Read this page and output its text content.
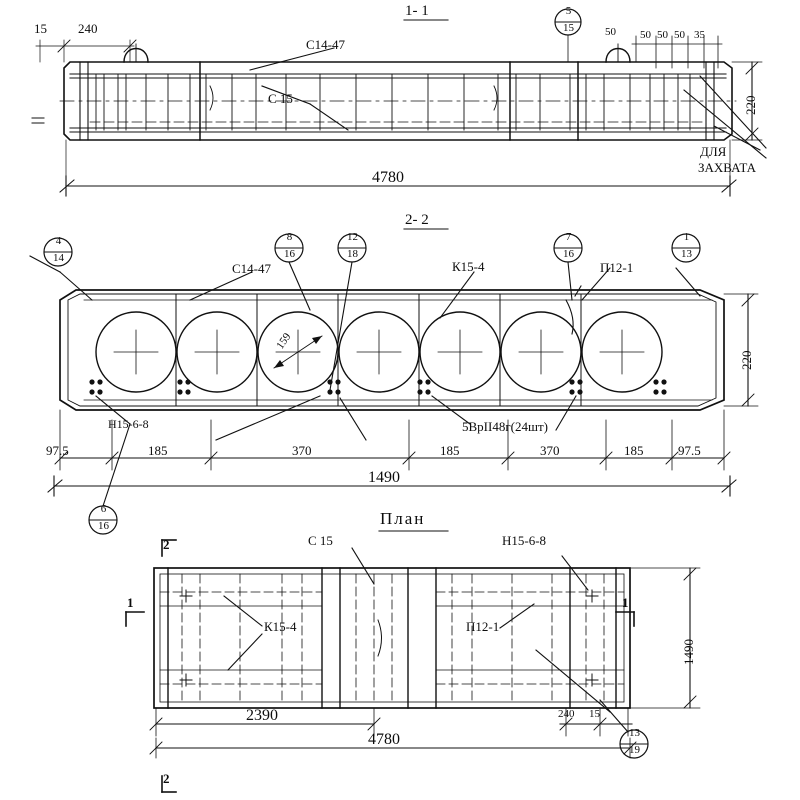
1- 1
2- 2
План
15 240
С14-47
С 15
4780
220
50 50 50 50 35
ДЛЯ
ЗАХВАТА
5
15
4
14
8
16
12
18
7
16
1
13
6
16
С14-47	К15-4	П12-1
159
Н15-6-8	5ВрII48г(24шт)
97.5	185	370	185	370	185	97.5
1490
220
С 15	Н15-6-8
К15-4	П12-1
2390
4780
240 15
1490
2
2
1	1
13
19
